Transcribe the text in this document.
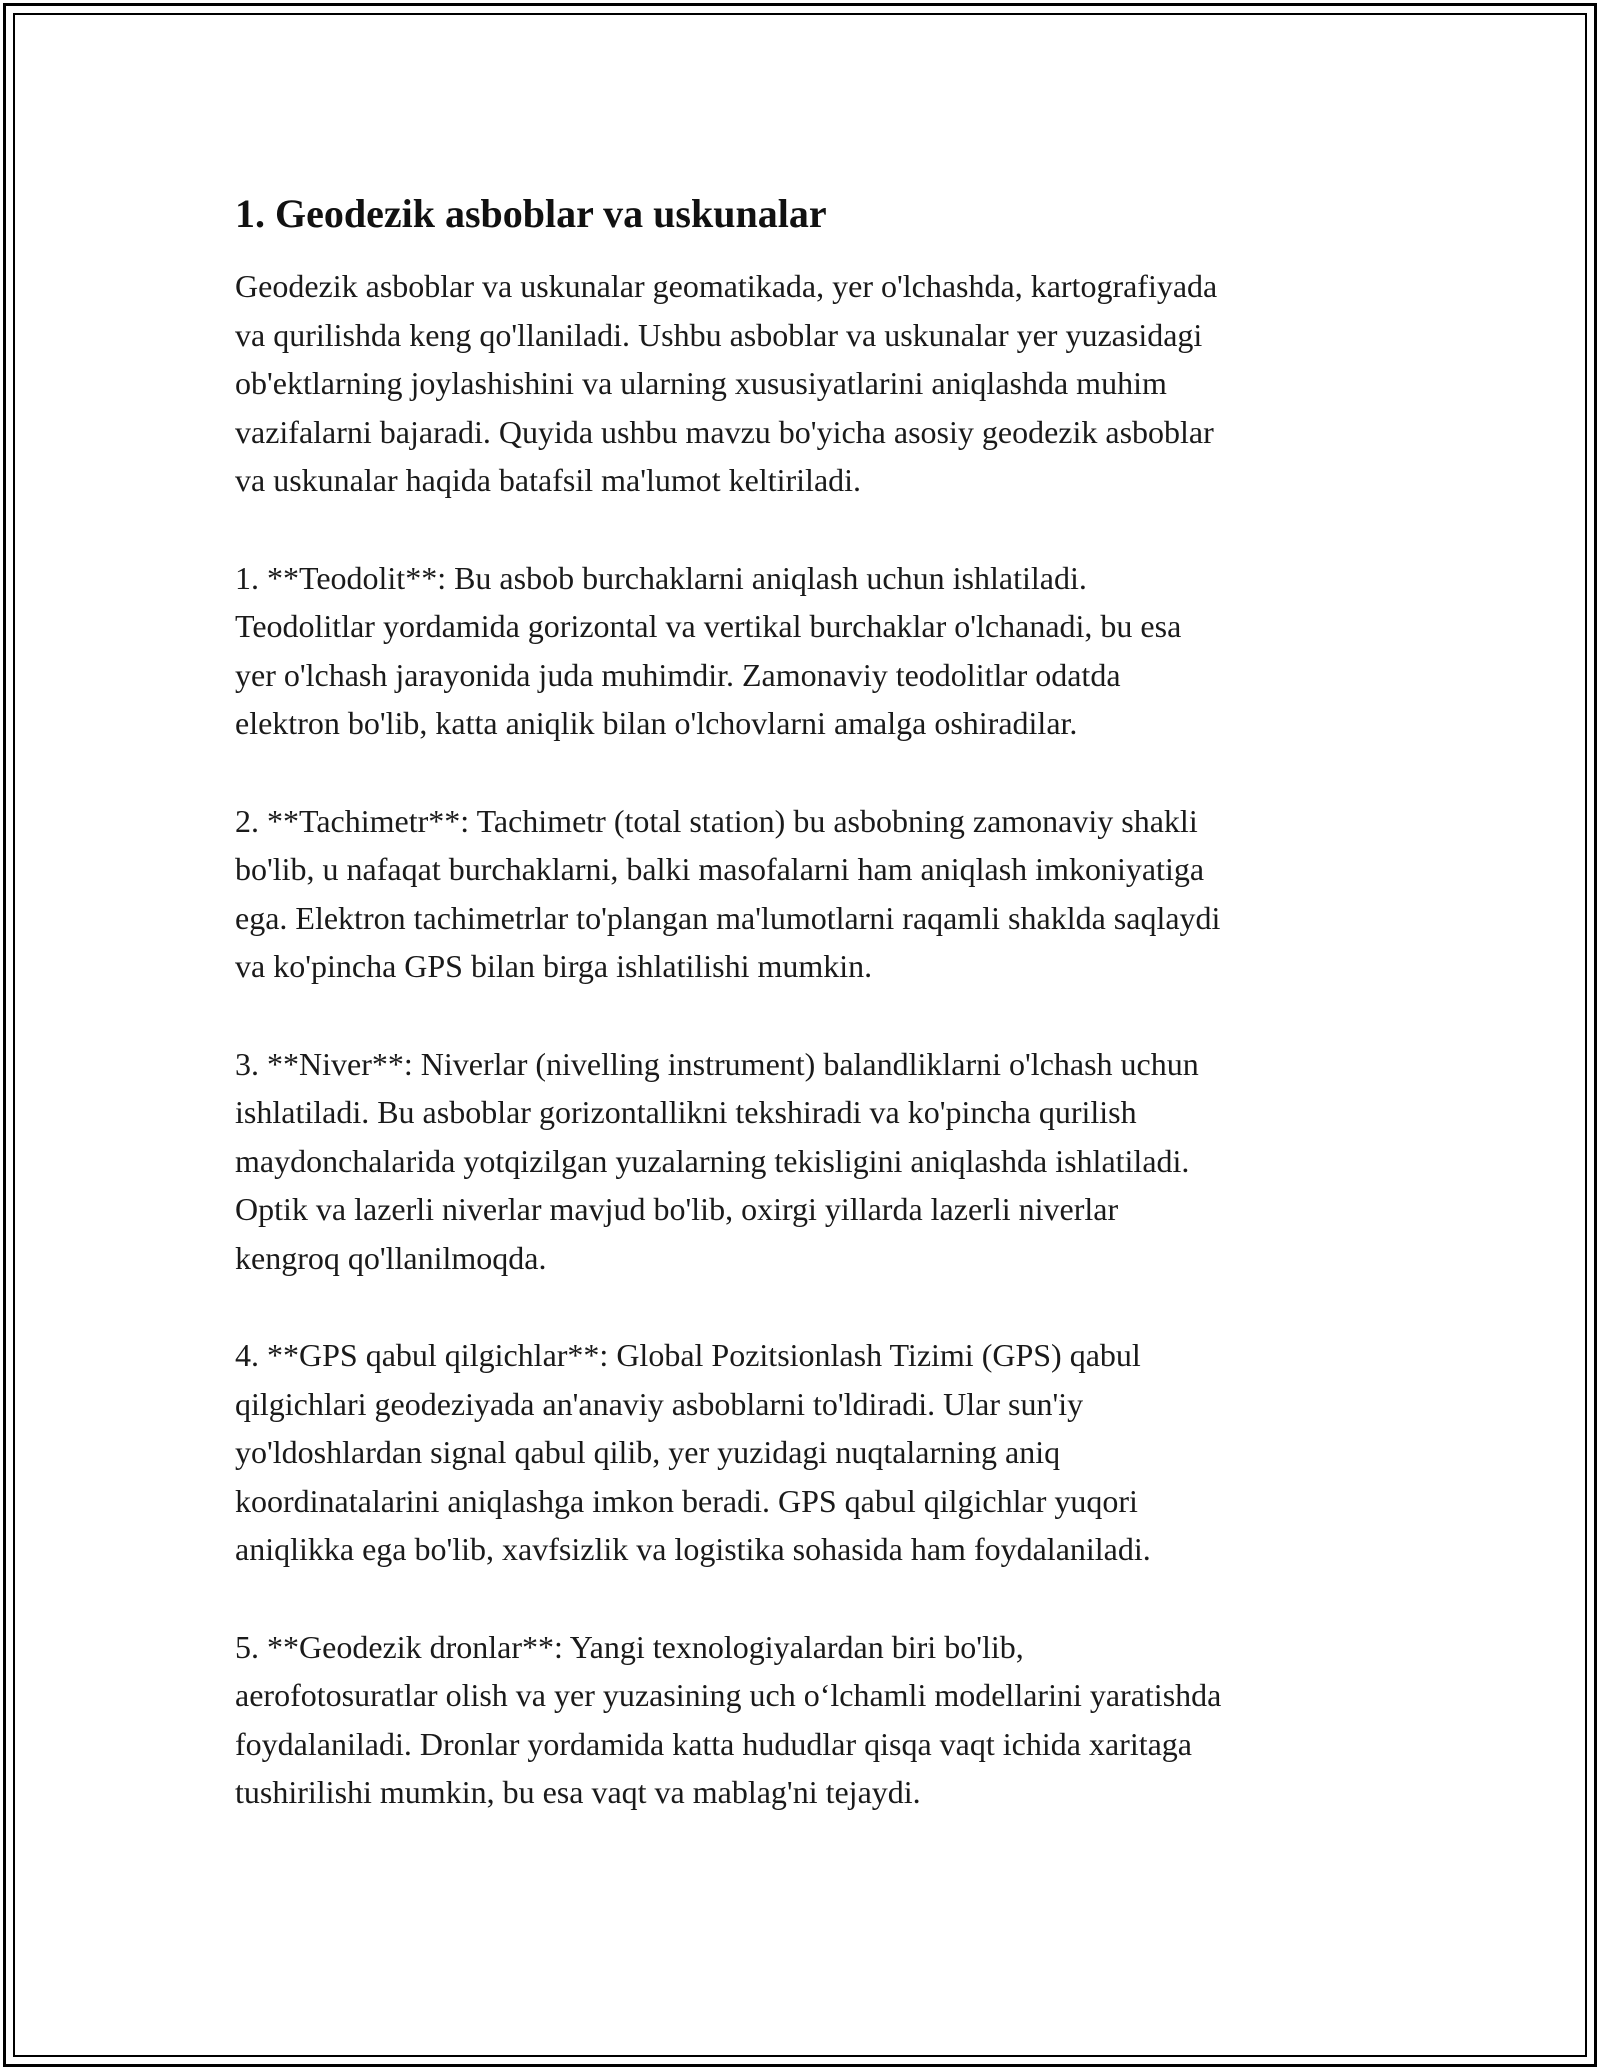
1. Geodezik asboblar va uskunalar
Geodezik asboblar va uskunalar geomatikada, yer o'lchashda, kartografiyada
va qurilishda keng qo'llaniladi. Ushbu asboblar va uskunalar yer yuzasidagi
ob'ektlarning joylashishini va ularning xususiyatlarini aniqlashda muhim
vazifalarni bajaradi. Quyida ushbu mavzu bo'yicha asosiy geodezik asboblar
va uskunalar haqida batafsil ma'lumot keltiriladi.
1. **Teodolit**: Bu asbob burchaklarni aniqlash uchun ishlatiladi.
Teodolitlar yordamida gorizontal va vertikal burchaklar o'lchanadi, bu esa
yer o'lchash jarayonida juda muhimdir. Zamonaviy teodolitlar odatda
elektron bo'lib, katta aniqlik bilan o'lchovlarni amalga oshiradilar.
2. **Tachimetr**: Tachimetr (total station) bu asbobning zamonaviy shakli
bo'lib, u nafaqat burchaklarni, balki masofalarni ham aniqlash imkoniyatiga
ega. Elektron tachimetrlar to'plangan ma'lumotlarni raqamli shaklda saqlaydi
va ko'pincha GPS bilan birga ishlatilishi mumkin.
3. **Niver**: Niverlar (nivelling instrument) balandliklarni o'lchash uchun
ishlatiladi. Bu asboblar gorizontallikni tekshiradi va ko'pincha qurilish
maydonchalarida yotqizilgan yuzalarning tekisligini aniqlashda ishlatiladi.
Optik va lazerli niverlar mavjud bo'lib, oxirgi yillarda lazerli niverlar
kengroq qo'llanilmoqda.
4. **GPS qabul qilgichlar**: Global Pozitsionlash Tizimi (GPS) qabul
qilgichlari geodeziyada an'anaviy asboblarni to'ldiradi. Ular sun'iy
yo'ldoshlardan signal qabul qilib, yer yuzidagi nuqtalarning aniq
koordinatalarini aniqlashga imkon beradi. GPS qabul qilgichlar yuqori
aniqlikka ega bo'lib, xavfsizlik va logistika sohasida ham foydalaniladi.
5. **Geodezik dronlar**: Yangi texnologiyalardan biri bo'lib,
aerofotosuratlar olish va yer yuzasining uch o‘lchamli modellarini yaratishda
foydalaniladi. Dronlar yordamida katta hududlar qisqa vaqt ichida xaritaga
tushirilishi mumkin, bu esa vaqt va mablag'ni tejaydi.
